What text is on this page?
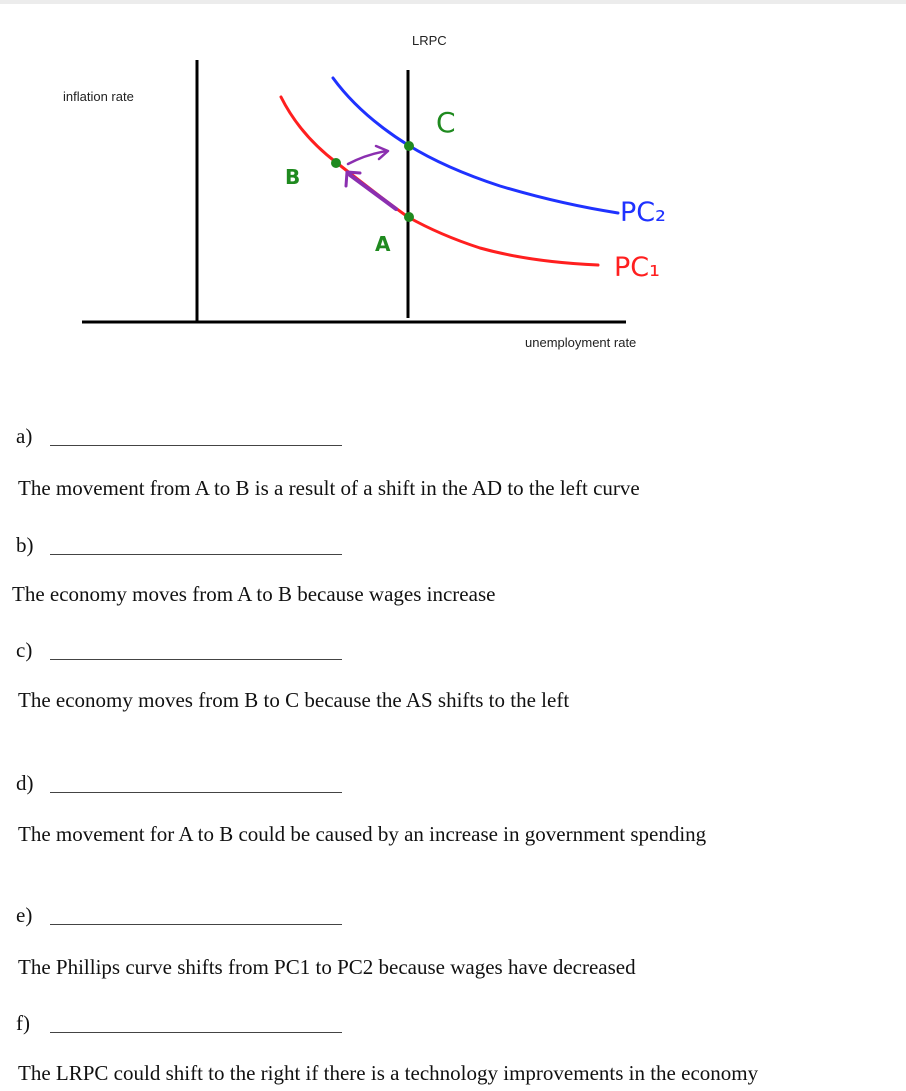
inflation rate
LRPC
unemployment rate
B
A
C
PC₂
PC₁
a)
The movement from A to B is a result of a shift in the AD to the left curve
b)
The economy moves from A to B because wages increase
c)
The economy moves from B to C because the AS shifts to the left
d)
The movement for A to B could be caused by an increase in government spending
e)
The Phillips curve shifts from PC1 to PC2 because wages have decreased
f)
The LRPC could shift to the right if there is a technology improvements in the economy
